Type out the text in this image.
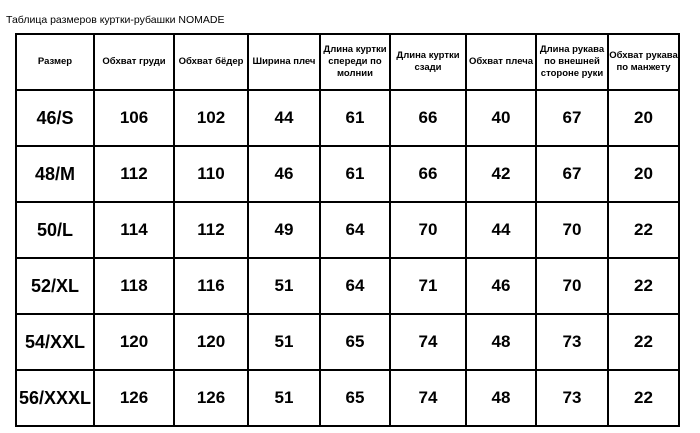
Таблица размеров куртки-рубашки NOMADE
Размер	Обхват груди	Обхват бёдер	Ширина плеч	Длина куртки спереди по молнии	Длина куртки сзади	Обхват плеча	Длина рукава по внешней стороне руки	Обхват рукава по манжету
46/S	106	102	44	61	66	40	67	20
48/M	112	110	46	61	66	42	67	20
50/L	114	112	49	64	70	44	70	22
52/XL	118	116	51	64	71	46	70	22
54/XXL	120	120	51	65	74	48	73	22
56/XXXL	126	126	51	65	74	48	73	22
